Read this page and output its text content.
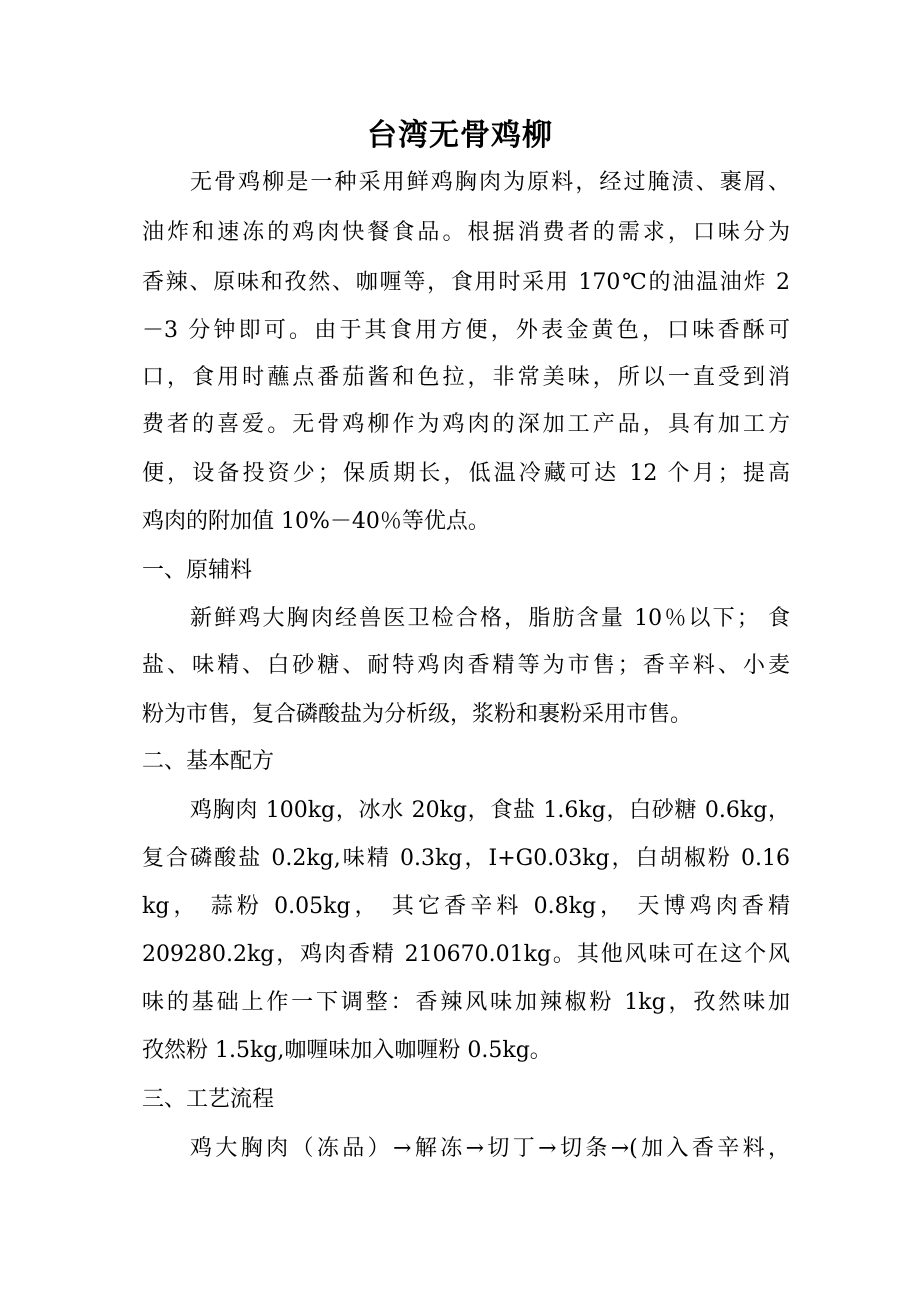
台湾无骨鸡柳
无骨鸡柳是一种采用鲜鸡胸肉为原料，经过腌渍、裹屑、
油炸和速冻的鸡肉快餐食品。根据消费者的需求，口味分为
香辣、原味和孜然、咖喱等，食用时采用 170℃的油温油炸 2
－3 分钟即可。由于其食用方便，外表金黄色，口味香酥可
口，食用时蘸点番茄酱和色拉，非常美味，所以一直受到消
费者的喜爱。无骨鸡柳作为鸡肉的深加工产品，具有加工方
便，设备投资少；保质期长，低温冷藏可达 12 个月；提高
鸡肉的附加值 10%－40％等优点。
一、原辅料
新鲜鸡大胸肉经兽医卫检合格，脂肪含量 10％以下； 食
盐、味精、白砂糖、耐特鸡肉香精等为市售；香辛料、小麦
粉为市售，复合磷酸盐为分析级，浆粉和裹粉采用市售。
二、基本配方
鸡胸肉 100kg，冰水 20kg，食盐 1.6kg，白砂糖 0.6kg，
复合磷酸盐 0.2kg,味精 0.3kg，I+G0.03kg，白胡椒粉 0.16
kg， 蒜粉 0.05kg， 其它香辛料 0.8kg， 天博鸡肉香精
209280.2kg，鸡肉香精 210670.01kg。其他风味可在这个风
味的基础上作一下调整：香辣风味加辣椒粉 1kg，孜然味加
孜然粉 1.5kg,咖喱味加入咖喱粉 0.5kg。
三、工艺流程
鸡大胸肉（冻品）→解冻→切丁→切条→(加入香辛料，
